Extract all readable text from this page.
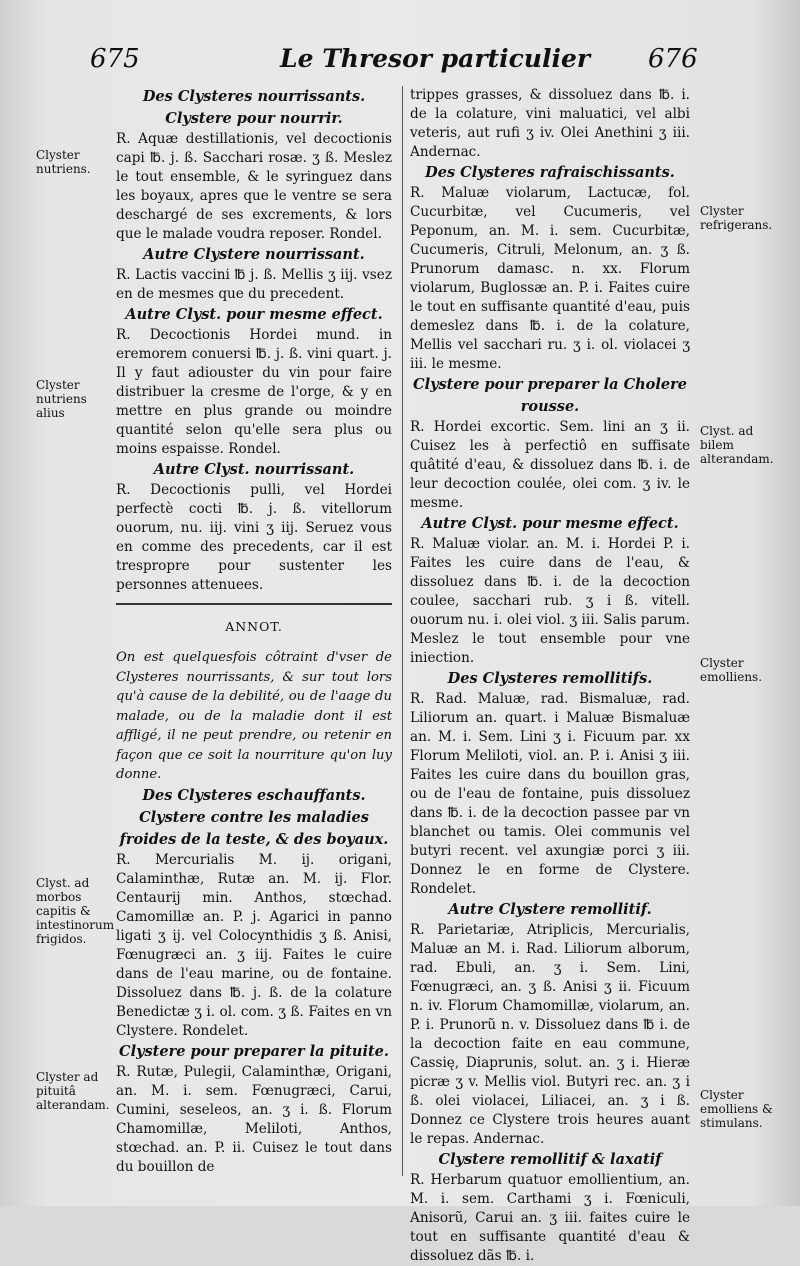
675	Le Thresor particulier 676
Des Clysteres nourrissants.
Clystere pour nourrir.

R. Aquæ destillationis, vel decoctionis capi ℔. j. ß. Sacchari rosæ. ʒ ß. Meslez le tout ensemble, & le syringuez dans les boyaux, apres que le ventre se sera deschargé de ses excrements, & lors que le malade voudra reposer. Rondel.

Autre Clystere nourrissant.

R. Lactis vaccini ℔ j. ß. Mellis ʒ iij. vsez en de mesmes que du precedent.

Autre Clyst. pour mesme effect.

R. Decoctionis Hordei mund. in eremorem conuersi ℔. j. ß. vini quart. j. Il y faut adiouster du vin pour faire distribuer la cresme de l'orge, & y en mettre en plus grande ou moindre quantité selon qu'elle sera plus ou moins espaisse. Rondel.

Autre Clyst. nourrissant.

R. Decoctionis pulli, vel Hordei perfectè cocti ℔. j. ß. vitellorum ouorum, nu. iij. vini ʒ iij. Seruez vous en comme des precedents, car il est trespropre pour sustenter les personnes attenuees.

ANNOT.

On est quelquesfois côtraint d'vser de Clysteres nourrissants, & sur tout lors qu'à cause de la debilité, ou de l'aage du malade, ou de la maladie dont il est affligé, il ne peut prendre, ou retenir en façon que ce soit la nourriture qu'on luy donne.

Des Clysteres eschauffants.
Clystere contre les maladies froides de la teste, & des boyaux.

R. Mercurialis M. ij. origani, Calaminthæ, Rutæ an. M. ij. Flor. Centaurij min. Anthos, stœchad. Camomillæ an. P. j. Agarici in panno ligati ʒ ij. vel Colocynthidis ʒ ß. Anisi, Fœnugræci an. ʒ iij. Faites le cuire dans de l'eau marine, ou de fontaine. Dissoluez dans ℔. j. ß. de la colature Benedictæ ʒ i. ol. com. ʒ ß. Faites en vn Clystere. Rondelet.

Clystere pour preparer la pituite.

R. Rutæ, Pulegii, Calaminthæ, Origani, an. M. i. sem. Fœnugræci, Carui, Cumini, seseleos, an. ʒ i. ß. Florum Chamomillæ, Meliloti, Anthos, stœchad. an. P. ii. Cuisez le tout dans du bouillon de

trippes grasses, & dissoluez dans ℔. i. de la colature, vini maluatici, vel albi veteris, aut rufi ʒ iv. Olei Anethini ʒ iii. Andernac.

Des Clysteres rafraischissants.

R. Maluæ violarum, Lactucæ, fol. Cucurbitæ, vel Cucumeris, vel Peponum, an. M. i. sem. Cucurbitæ, Cucumeris, Citruli, Melonum, an. ʒ ß. Prunorum damasc. n. xx. Florum violarum, Buglossæ an. P. i. Faites cuire le tout en suffisante quantité d'eau, puis demeslez dans ℔. i. de la colature, Mellis vel sacchari ru. ʒ i. ol. violacei ʒ iii. le mesme.

Clystere pour preparer la Cholere rousse.

R. Hordei excortic. Sem. lini an ʒ ii. Cuisez les à perfectiô en suffisate quâtité d'eau, & dissoluez dans ℔. i. de leur decoction coulée, olei com. ʒ iv. le mesme.

Autre Clyst. pour mesme effect.

R. Maluæ violar. an. M. i. Hordei P. i. Faites les cuire dans de l'eau, & dissoluez dans ℔. i. de la decoction coulee, sacchari rub. ʒ i ß. vitell. ouorum nu. i. olei viol. ʒ iii. Salis parum. Meslez le tout ensemble pour vne iniection.

Des Clysteres remollitifs.

R. Rad. Maluæ, rad. Bismaluæ, rad. Liliorum an. quart. i Maluæ Bismaluæ an. M. i. Sem. Lini ʒ i. Ficuum par. xx Florum Meliloti, viol. an. P. i. Anisi ʒ iii. Faites les cuire dans du bouillon gras, ou de l'eau de fontaine, puis dissoluez dans ℔. i. de la decoction passee par vn blanchet ou tamis. Olei communis vel butyri recent. vel axungiæ porci ʒ iii. Donnez le en forme de Clystere. Rondelet.

Autre Clystere remollitif.

R. Parietariæ, Atriplicis, Mercurialis, Maluæ an M. i. Rad. Liliorum alborum, rad. Ebuli, an. ʒ i. Sem. Lini, Fœnugræci, an. ʒ ß. Anisi ʒ ii. Ficuum n. iv. Florum Chamomillæ, violarum, an. P. i. Prunorũ n. v. Dissoluez dans ℔ i. de la decoction faite en eau commune, Cassię, Diaprunis, solut. an. ʒ i. Hieræ picræ ʒ v. Mellis viol. Butyri rec. an. ʒ i ß. olei violacei, Liliacei, an. ʒ i ß. Donnez ce Clystere trois heures auant le repas. Andernac.

Clystere remollitif & laxatif

R. Herbarum quatuor emollientium, an. M. i. sem. Carthami ʒ i. Fœniculi, Anisorũ, Carui an. ʒ iii. faites cuire le tout en suffisante quantité d'eau & dissoluez dãs ℔. i.

Clyster nutriens.
Clyster nutriens alius
Clyst. ad morbos capitis & intestinorum frigidos.
Clyster ad pituitâ alterandam.
Clyster refrigerans.
Clyst. ad bilem alterandam.
Clyster emolliens.
Clyster emolliens & stimulans.
